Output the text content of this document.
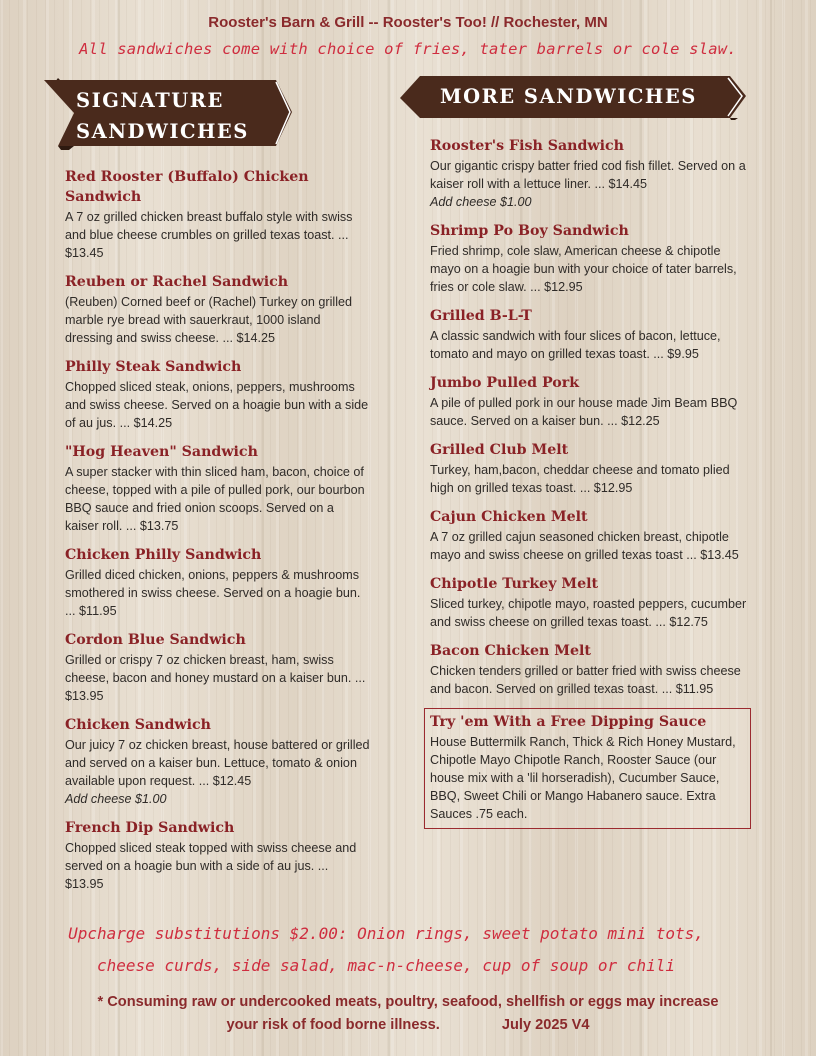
Rooster's Barn & Grill -- Rooster's Too! // Rochester, MN
All sandwiches come with choice of fries, tater barrels or cole slaw.
SIGNATURE
SANDWICHES
MORE SANDWICHES
Red Rooster (Buffalo) Chicken Sandwich
A 7 oz grilled chicken breast buffalo style with swiss and blue cheese crumbles on grilled texas toast. ... $13.45
Reuben or Rachel Sandwich
(Reuben) Corned beef or (Rachel) Turkey on grilled marble rye bread with sauerkraut, 1000 island dressing and swiss cheese. ... $14.25
Philly Steak Sandwich
Chopped sliced steak, onions, peppers, mushrooms and swiss cheese. Served on a hoagie bun with a side of au jus. ... $14.25
"Hog Heaven" Sandwich
A super stacker with thin sliced ham, bacon, choice of cheese, topped with a pile of pulled pork, our bourbon BBQ sauce and fried onion scoops. Served on a kaiser roll. ... $13.75
Chicken Philly Sandwich
Grilled diced chicken, onions, peppers & mushrooms smothered in swiss cheese. Served on a hoagie bun. ... $11.95
Cordon Blue Sandwich
Grilled or crispy 7 oz chicken breast, ham, swiss cheese, bacon and honey mustard on a kaiser bun. ... $13.95
Chicken Sandwich
Our juicy 7 oz chicken breast, house battered or grilled and served on a kaiser bun. Lettuce, tomato & onion available upon request. ... $12.45
Add cheese $1.00
French Dip Sandwich
Chopped sliced steak topped with swiss cheese and served on a hoagie bun with a side of au jus. ... $13.95
Rooster's Fish Sandwich
Our gigantic crispy batter fried cod fish fillet. Served on a kaiser roll with a lettuce liner. ... $14.45
Add cheese $1.00
Shrimp Po Boy Sandwich
Fried shrimp, cole slaw, American cheese & chipotle mayo on a hoagie bun with your choice of tater barrels, fries or cole slaw. ... $12.95
Grilled B-L-T
A classic sandwich with four slices of bacon, lettuce, tomato and mayo on grilled texas toast. ... $9.95
Jumbo Pulled Pork
A pile of pulled pork in our house made Jim Beam BBQ sauce. Served on a kaiser bun. ... $12.25
Grilled Club Melt
Turkey, ham,bacon, cheddar cheese and tomato plied high on grilled texas toast. ... $12.95
Cajun Chicken Melt
A 7 oz grilled cajun seasoned chicken breast, chipotle mayo and swiss cheese on grilled texas toast ... $13.45
Chipotle Turkey Melt
Sliced turkey, chipotle mayo, roasted peppers, cucumber and swiss cheese on grilled texas toast. ... $12.75
Bacon Chicken Melt
Chicken tenders grilled or batter fried with swiss cheese and bacon. Served on grilled texas toast. ... $11.95
Try 'em With a Free Dipping Sauce
House Buttermilk Ranch, Thick & Rich Honey Mustard, Chipotle Mayo Chipotle Ranch, Rooster Sauce (our house mix with a 'lil horseradish), Cucumber Sauce, BBQ, Sweet Chili or Mango Habanero sauce. Extra Sauces .75 each.
Upcharge substitutions $2.00: Onion rings, sweet potato mini tots,
cheese curds, side salad, mac-n-cheese, cup of soup or chili
* Consuming raw or undercooked meats, poultry, seafood, shellfish or eggs may increase
your risk of food borne illness.	July 2025 V4
